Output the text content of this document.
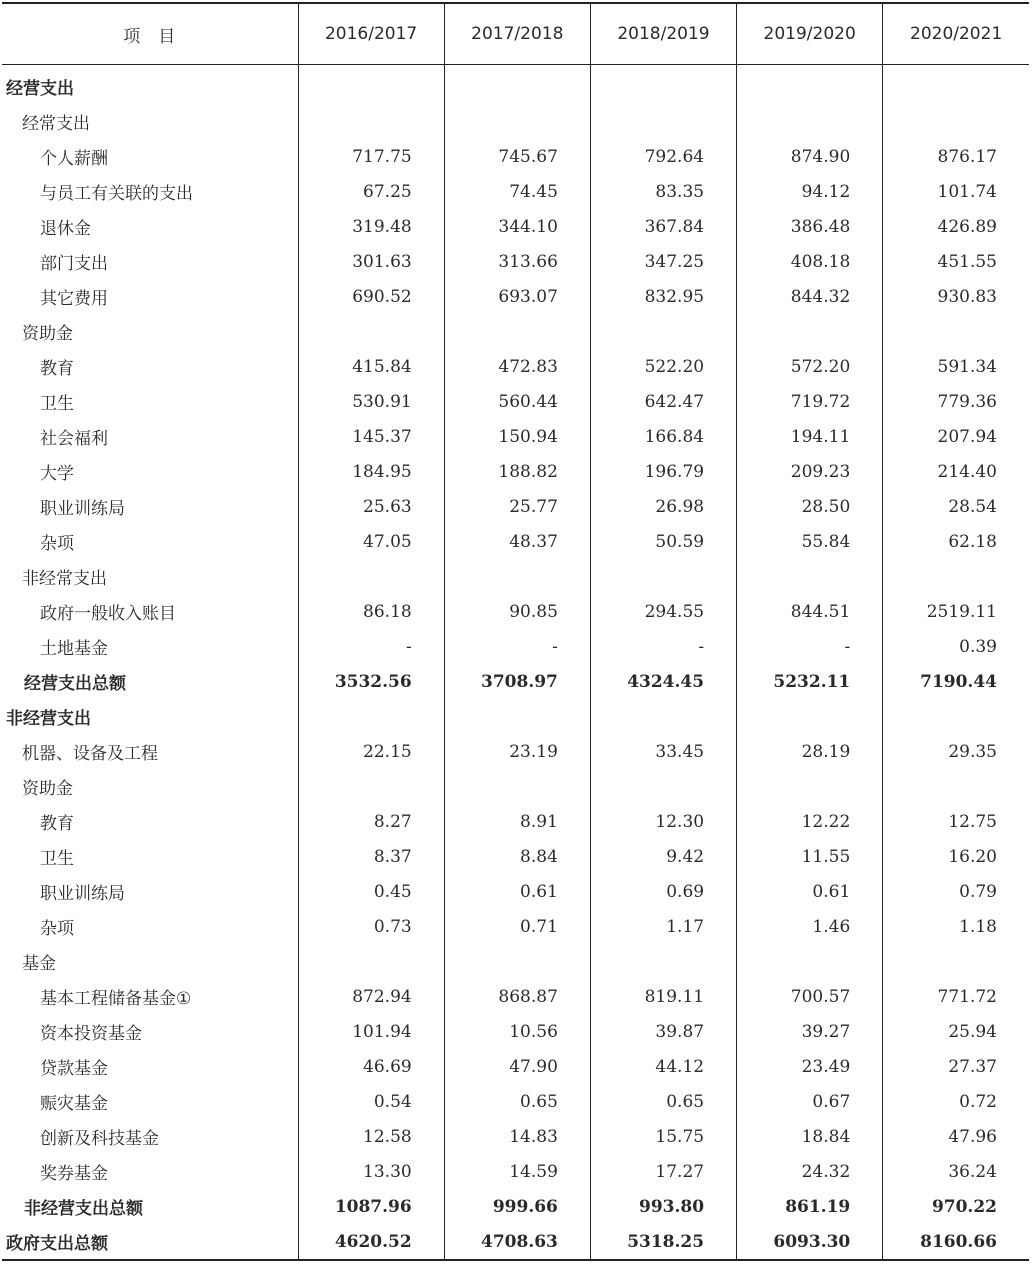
项目	2016/2017	2017/2018	2018/2019	2019/2020	2020/2021
经营支出					
经常支出					
个人薪酬	717.75	745.67	792.64	874.90	876.17
与员工有关联的支出	67.25	74.45	83.35	94.12	101.74
退休金	319.48	344.10	367.84	386.48	426.89
部门支出	301.63	313.66	347.25	408.18	451.55
其它费用	690.52	693.07	832.95	844.32	930.83
资助金					
教育	415.84	472.83	522.20	572.20	591.34
卫生	530.91	560.44	642.47	719.72	779.36
社会福利	145.37	150.94	166.84	194.11	207.94
大学	184.95	188.82	196.79	209.23	214.40
职业训练局	25.63	25.77	26.98	28.50	28.54
杂项	47.05	48.37	50.59	55.84	62.18
非经常支出					
政府一般收入账目	86.18	90.85	294.55	844.51	2519.11
土地基金	-	-	-	-	0.39
经营支出总额	3532.56	3708.97	4324.45	5232.11	7190.44
非经营支出					
机器、设备及工程	22.15	23.19	33.45	28.19	29.35
资助金					
教育	8.27	8.91	12.30	12.22	12.75
卫生	8.37	8.84	9.42	11.55	16.20
职业训练局	0.45	0.61	0.69	0.61	0.79
杂项	0.73	0.71	1.17	1.46	1.18
基金					
基本工程储备基金①	872.94	868.87	819.11	700.57	771.72
资本投资基金	101.94	10.56	39.87	39.27	25.94
贷款基金	46.69	47.90	44.12	23.49	27.37
赈灾基金	0.54	0.65	0.65	0.67	0.72
创新及科技基金	12.58	14.83	15.75	18.84	47.96
奖券基金	13.30	14.59	17.27	24.32	36.24
非经营支出总额	1087.96	999.66	993.80	861.19	970.22
政府支出总额	4620.52	4708.63	5318.25	6093.30	8160.66
